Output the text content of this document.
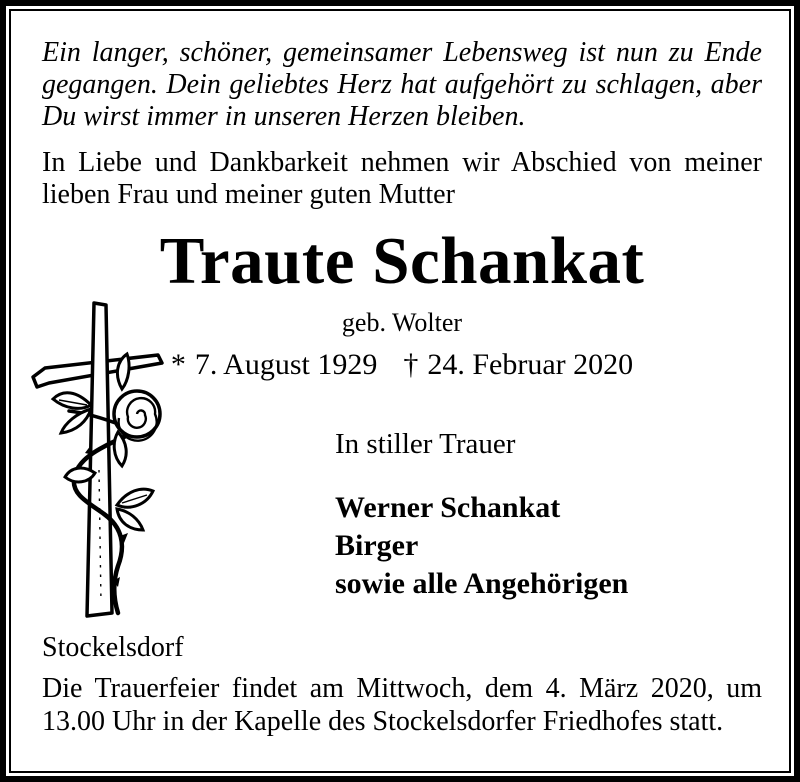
Ein langer, schöner, gemeinsamer Lebensweg ist nun zu Ende
gegangen. Dein geliebtes Herz hat aufgehört zu schlagen, aber
Du wirst immer in unseren Herzen bleiben.
In Liebe und Dankbarkeit nehmen wir Abschied von meiner
lieben Frau und meiner guten Mutter
Traute Schankat
geb. Wolter
* 7. August 1929 † 24. Februar 2020
In stiller Trauer
Werner Schankat
Birger
sowie alle Angehörigen
Stockelsdorf
Die Trauerfeier findet am Mittwoch, dem 4. März 2020, um
13.00 Uhr in der Kapelle des Stockelsdorfer Friedhofes statt.
